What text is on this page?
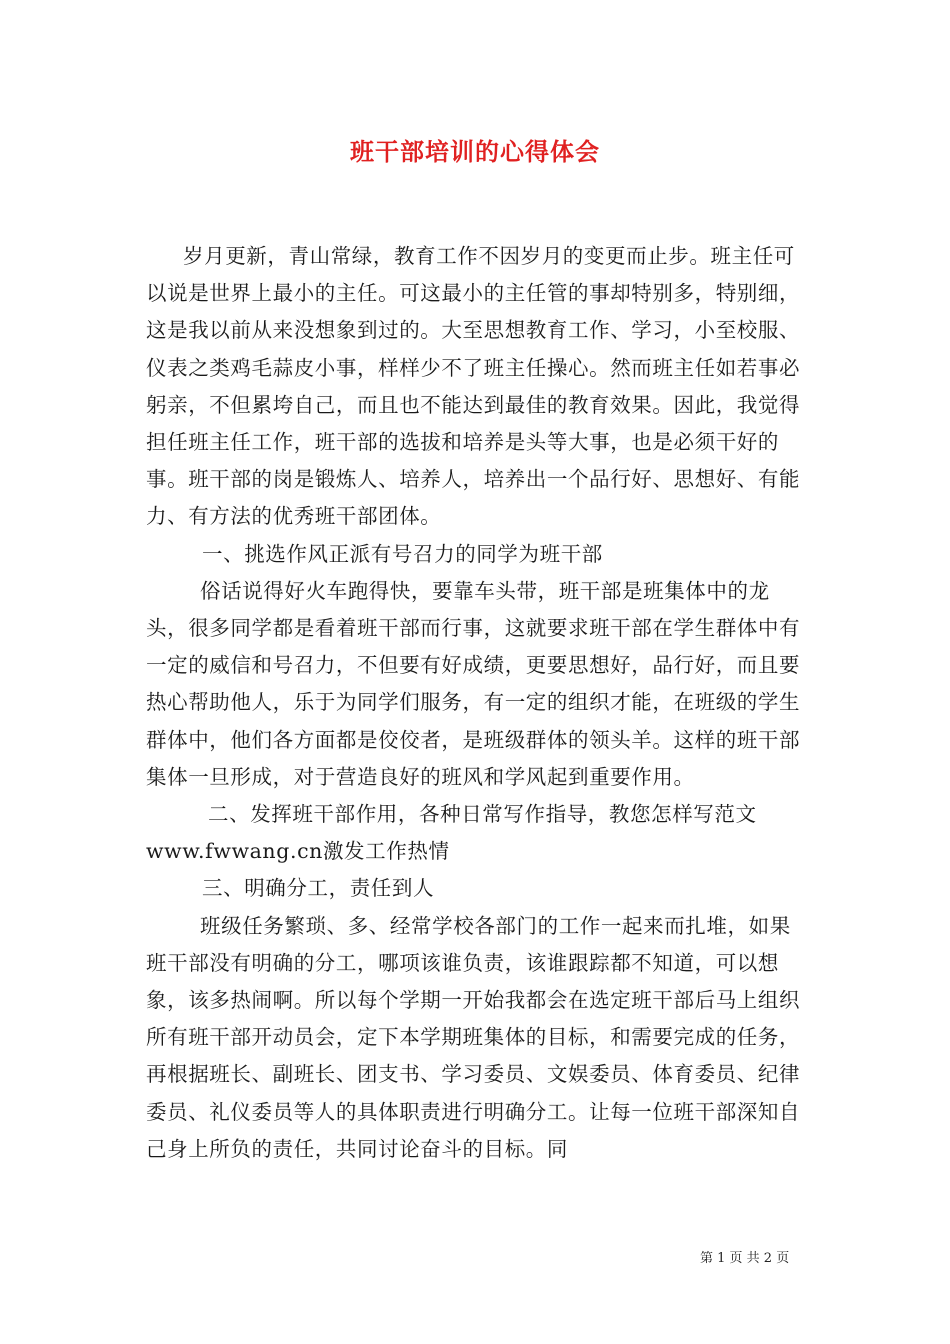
班干部培训的心得体会

岁月更新，青山常绿，教育工作不因岁月的变更而止步。班主任可以说是世界上最小的主任。可这最小的主任管的事却特别多，特别细，这是我以前从来没想象到过的。大至思想教育工作、学习，小至校服、仪表之类鸡毛蒜皮小事，样样少不了班主任操心。然而班主任如若事必躬亲，不但累垮自己，而且也不能达到最佳的教育效果。因此，我觉得担任班主任工作，班干部的选拔和培养是头等大事，也是必须干好的事。班干部的岗是锻炼人、培养人，培养出一个品行好、思想好、有能力、有方法的优秀班干部团体。

一、挑选作风正派有号召力的同学为班干部

俗话说得好火车跑得快，要靠车头带，班干部是班集体中的龙头，很多同学都是看着班干部而行事，这就要求班干部在学生群体中有一定的威信和号召力，不但要有好成绩，更要思想好，品行好，而且要热心帮助他人，乐于为同学们服务，有一定的组织才能，在班级的学生群体中，他们各方面都是佼佼者，是班级群体的领头羊。这样的班干部集体一旦形成，对于营造良好的班风和学风起到重要作用。

二、发挥班干部作用，各种日常写作指导，教您怎样写范文www.fwwang.cn激发工作热情

三、明确分工，责任到人

班级任务繁琐、多、经常学校各部门的工作一起来而扎堆，如果班干部没有明确的分工，哪项该谁负责，该谁跟踪都不知道，可以想象，该多热闹啊。所以每个学期一开始我都会在选定班干部后马上组织所有班干部开动员会，定下本学期班集体的目标，和需要完成的任务，再根据班长、副班长、团支书、学习委员、文娱委员、体育委员、纪律委员、礼仪委员等人的具体职责进行明确分工。让每一位班干部深知自己身上所负的责任，共同讨论奋斗的目标。同

第 1 页 共 2 页
